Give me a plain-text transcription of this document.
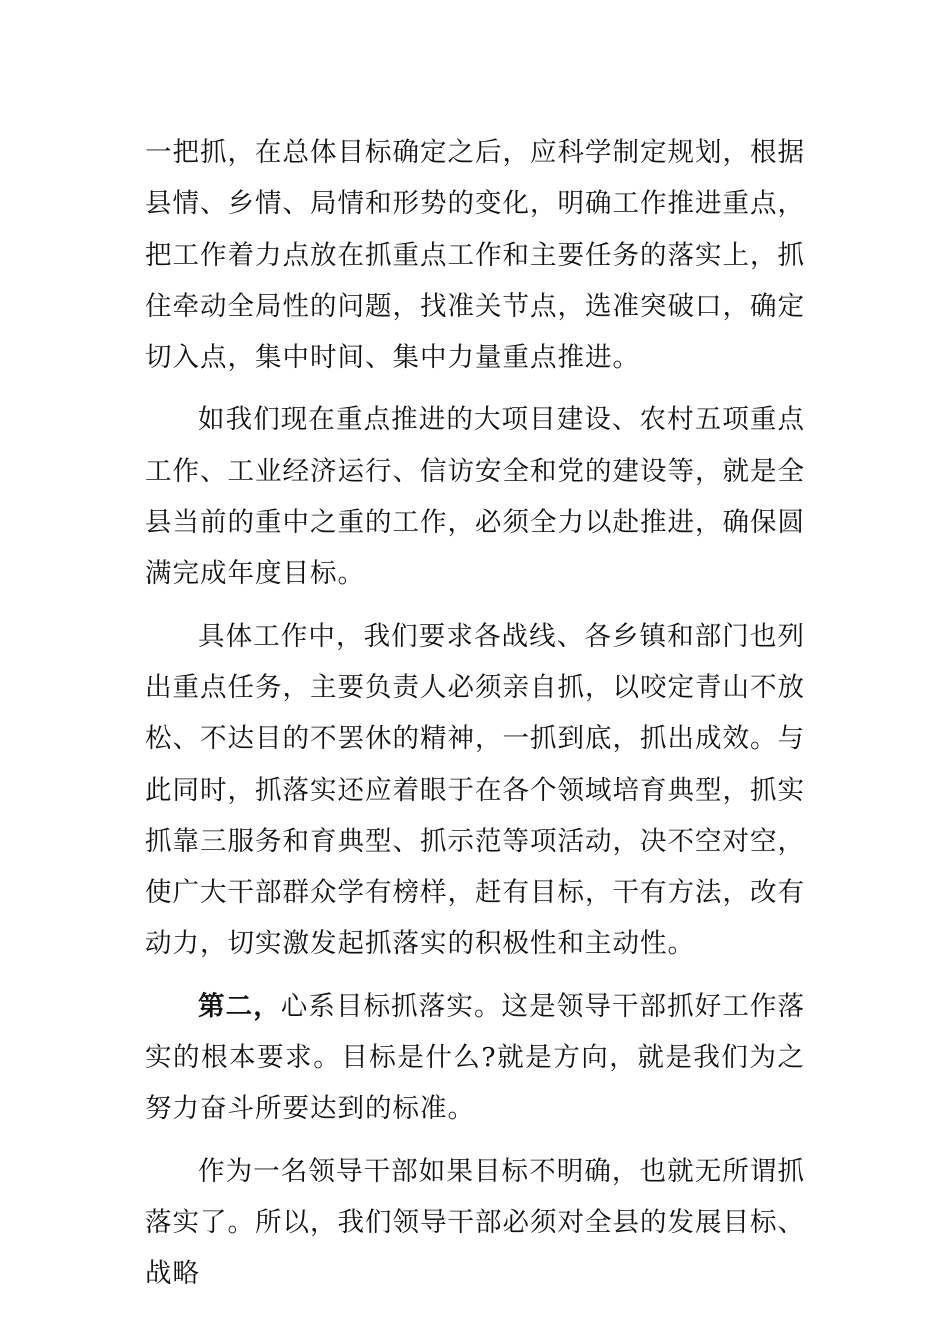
一把抓，在总体目标确定之后，应科学制定规划，根据县情、乡情、局情和形势的变化，明确工作推进重点，把工作着力点放在抓重点工作和主要任务的落实上，抓住牵动全局性的问题，找准关节点，选准突破口，确定切入点，集中时间、集中力量重点推进。

如我们现在重点推进的大项目建设、农村五项重点工作、工业经济运行、信访安全和党的建设等，就是全县当前的重中之重的工作，必须全力以赴推进，确保圆满完成年度目标。

具体工作中，我们要求各战线、各乡镇和部门也列出重点任务，主要负责人必须亲自抓，以咬定青山不放松、不达目的不罢休的精神，一抓到底，抓出成效。与此同时，抓落实还应着眼于在各个领域培育典型，抓实抓靠三服务和育典型、抓示范等项活动，决不空对空，使广大干部群众学有榜样，赶有目标，干有方法，改有动力，切实激发起抓落实的积极性和主动性。

第二，心系目标抓落实。这是领导干部抓好工作落实的根本要求。目标是什么?就是方向，就是我们为之努力奋斗所要达到的标准。

作为一名领导干部如果目标不明确，也就无所谓抓落实了。所以，我们领导干部必须对全县的发展目标、战略
